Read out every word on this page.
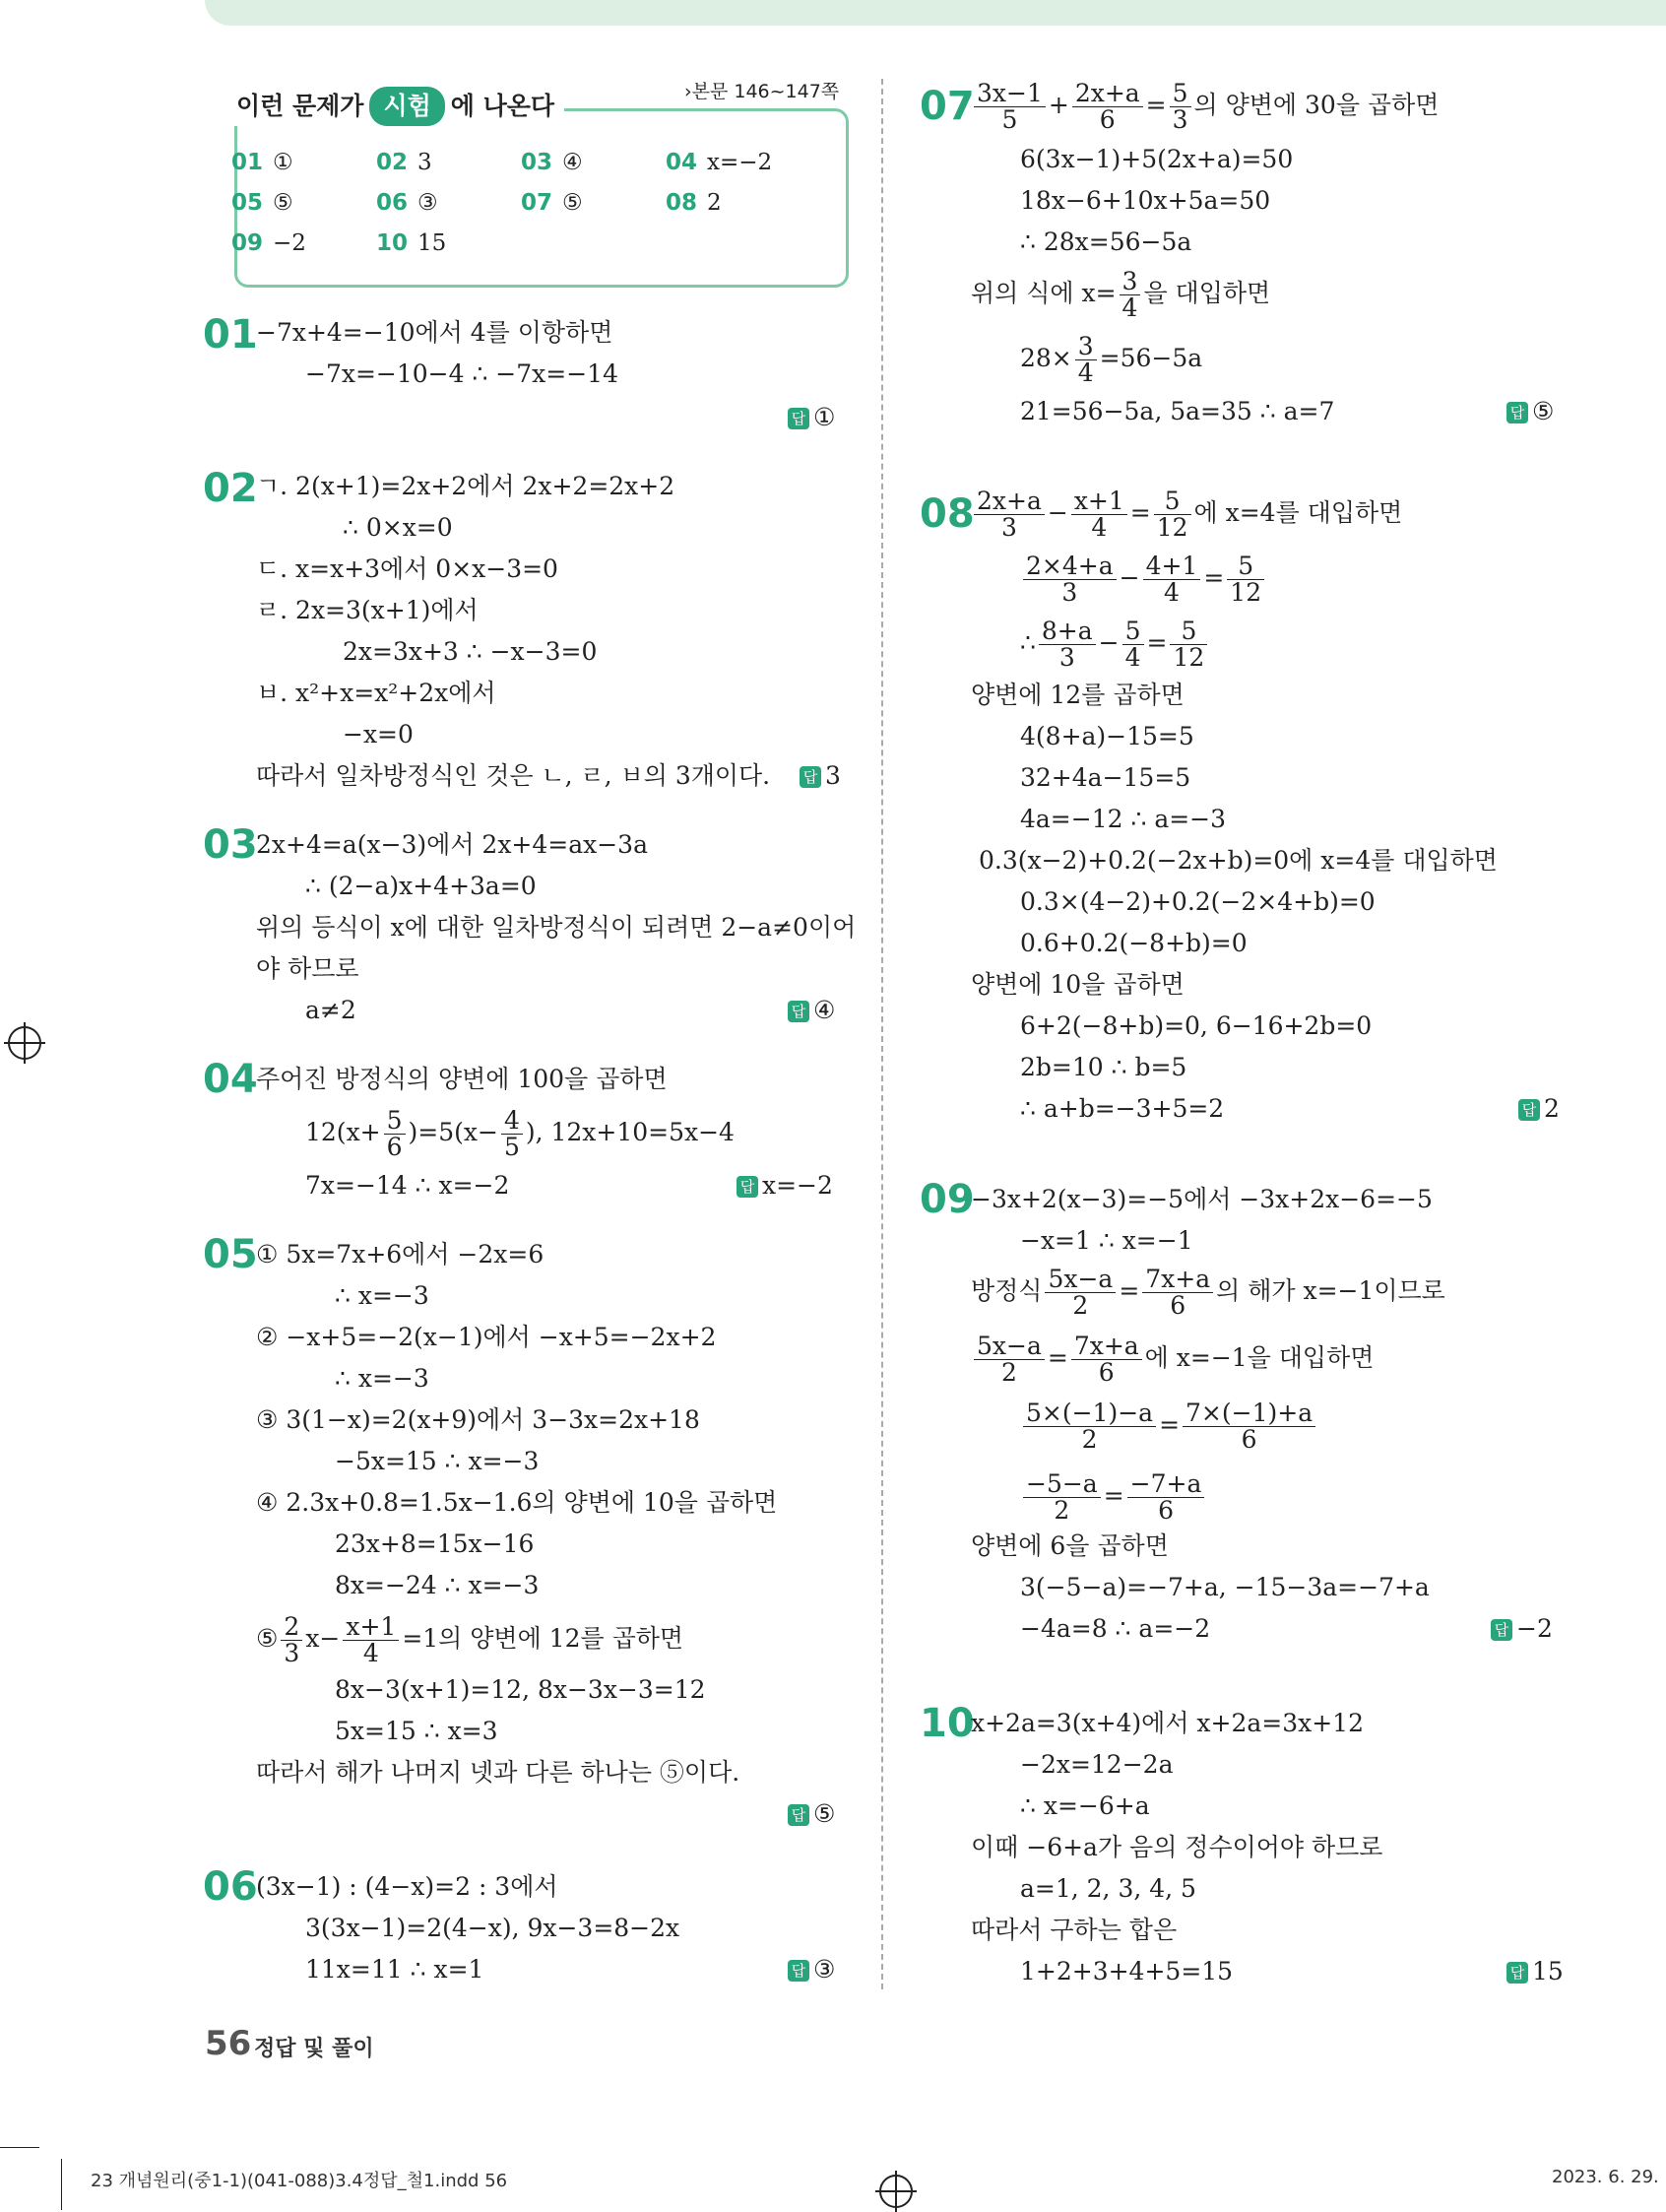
이런 문제가 시험 에 나온다	›본문 146~147쪽
01 ①	02 3	03 ④	04 x=−2
05 ⑤	06 ③	07 ⑤	08 2
09 −2	10 15
01
−7x+4=−10에서 4를 이항하면
−7x=−10−4 ∴ −7x=−14
답 ①
02
ㄱ. 2(x+1)=2x+2에서 2x+2=2x+2
∴ 0×x=0
ㄷ. x=x+3에서 0×x−3=0
ㄹ. 2x=3(x+1)에서
2x=3x+3 ∴ −x−3=0
ㅂ. x²+x=x²+2x에서
−x=0
따라서 일차방정식인 것은 ㄴ, ㄹ, ㅂ의 3개이다. 답 3
03
2x+4=a(x−3)에서 2x+4=ax−3a
∴ (2−a)x+4+3a=0
위의 등식이 x에 대한 일차방정식이 되려면 2−a≠0이어
야 하므로
a≠2	답 ④
04
주어진 방정식의 양변에 100을 곱하면
$12(x+ \frac{5}{6} )=5(x- \frac{4}{5}$ ), 12x+10=5x−4
7x=−14 ∴ x=−2	답 x=−2
05
① 5x=7x+6에서 −2x=6
∴ x=−3
② −x+5=−2(x−1)에서 −x+5=−2x+2
∴ x=−3
③ 3(1−x)=2(x+9)에서 3−3x=2x+18
−5x=15 ∴ x=−3
④ 2.3x+0.8=1.5x−1.6의 양변에 10을 곱하면
23x+8=15x−16
8x=−24 ∴ x=−3
⑤ $\frac{2}{3} x- \frac{x+1}{4} =1$의 양변에 12를 곱하면
8x−3(x+1)=12, 8x−3x−3=12
5x=15 ∴ x=3
따라서 해가 나머지 넷과 다른 하나는 ⑤이다.
답 ⑤
06
(3x−1) : (4−x)=2 : 3에서
3(3x−1)=2(4−x), 9x−3=8−2x
11x=11 ∴ x=1	답 ③
$07 \frac{3x-1}{5} + \frac{2x+a}{6} = \frac{5}{3}$ 의 양변에 30을 곱하면
6(3x−1)+5(2x+a)=50
18x−6+10x+5a=50
∴ 28x=56−5a
위의 식에 $x= \frac{3}{4}$ 을 대입하면
$28\times \frac{3}{4} =56-5a$
21=56−5a, 5a=35 ∴ a=7	답 ⑤
$08 \frac{2x+a}{3} - \frac{x+1}{4} = \frac{5}{12}$ 에 x=4를 대입하면
$\frac{2\times 4+a}{3} - \frac{4+1}{4} = \frac{5}{12}$
∴ $\frac{8+a}{3} - \frac{5}{4} = \frac{5}{12}$
양변에 12를 곱하면
4(8+a)−15=5
32+4a−15=5
4a=−12 ∴ a=−3
0.3(x−2)+0.2(−2x+b)=0에 x=4를 대입하면
0.3×(4−2)+0.2(−2×4+b)=0
0.6+0.2(−8+b)=0
양변에 10을 곱하면
6+2(−8+b)=0, 6−16+2b=0
2b=10 ∴ b=5
∴ a+b=−3+5=2	답 2
09
−3x+2(x−3)=−5에서 −3x+2x−6=−5
−x=1 ∴ x=−1
방정식 $\frac{5x-a}{2} = \frac{7x+a}{6}$ 의 해가 x=−1이므로
$\frac{5x-a}{2} = \frac{7x+a}{6}$ 에 x=−1을 대입하면
$\frac{5\times(-1)-a}{2} = \frac{7\times(-1)+a}{6}$
$\frac{-5-a}{2} = \frac{-7+a}{6}$
양변에 6을 곱하면
3(−5−a)=−7+a, −15−3a=−7+a
−4a=8 ∴ a=−2	답 −2
10
x+2a=3(x+4)에서 x+2a=3x+12
−2x=12−2a
∴ x=−6+a
이때 −6+a가 음의 정수이어야 하므로
a=1, 2, 3, 4, 5
따라서 구하는 합은
1+2+3+4+5=15	답 15
56 정답 및 풀이
23 개념원리(중1-1)(041-088)3.4정답_철1.indd 56	2023. 6. 29.
